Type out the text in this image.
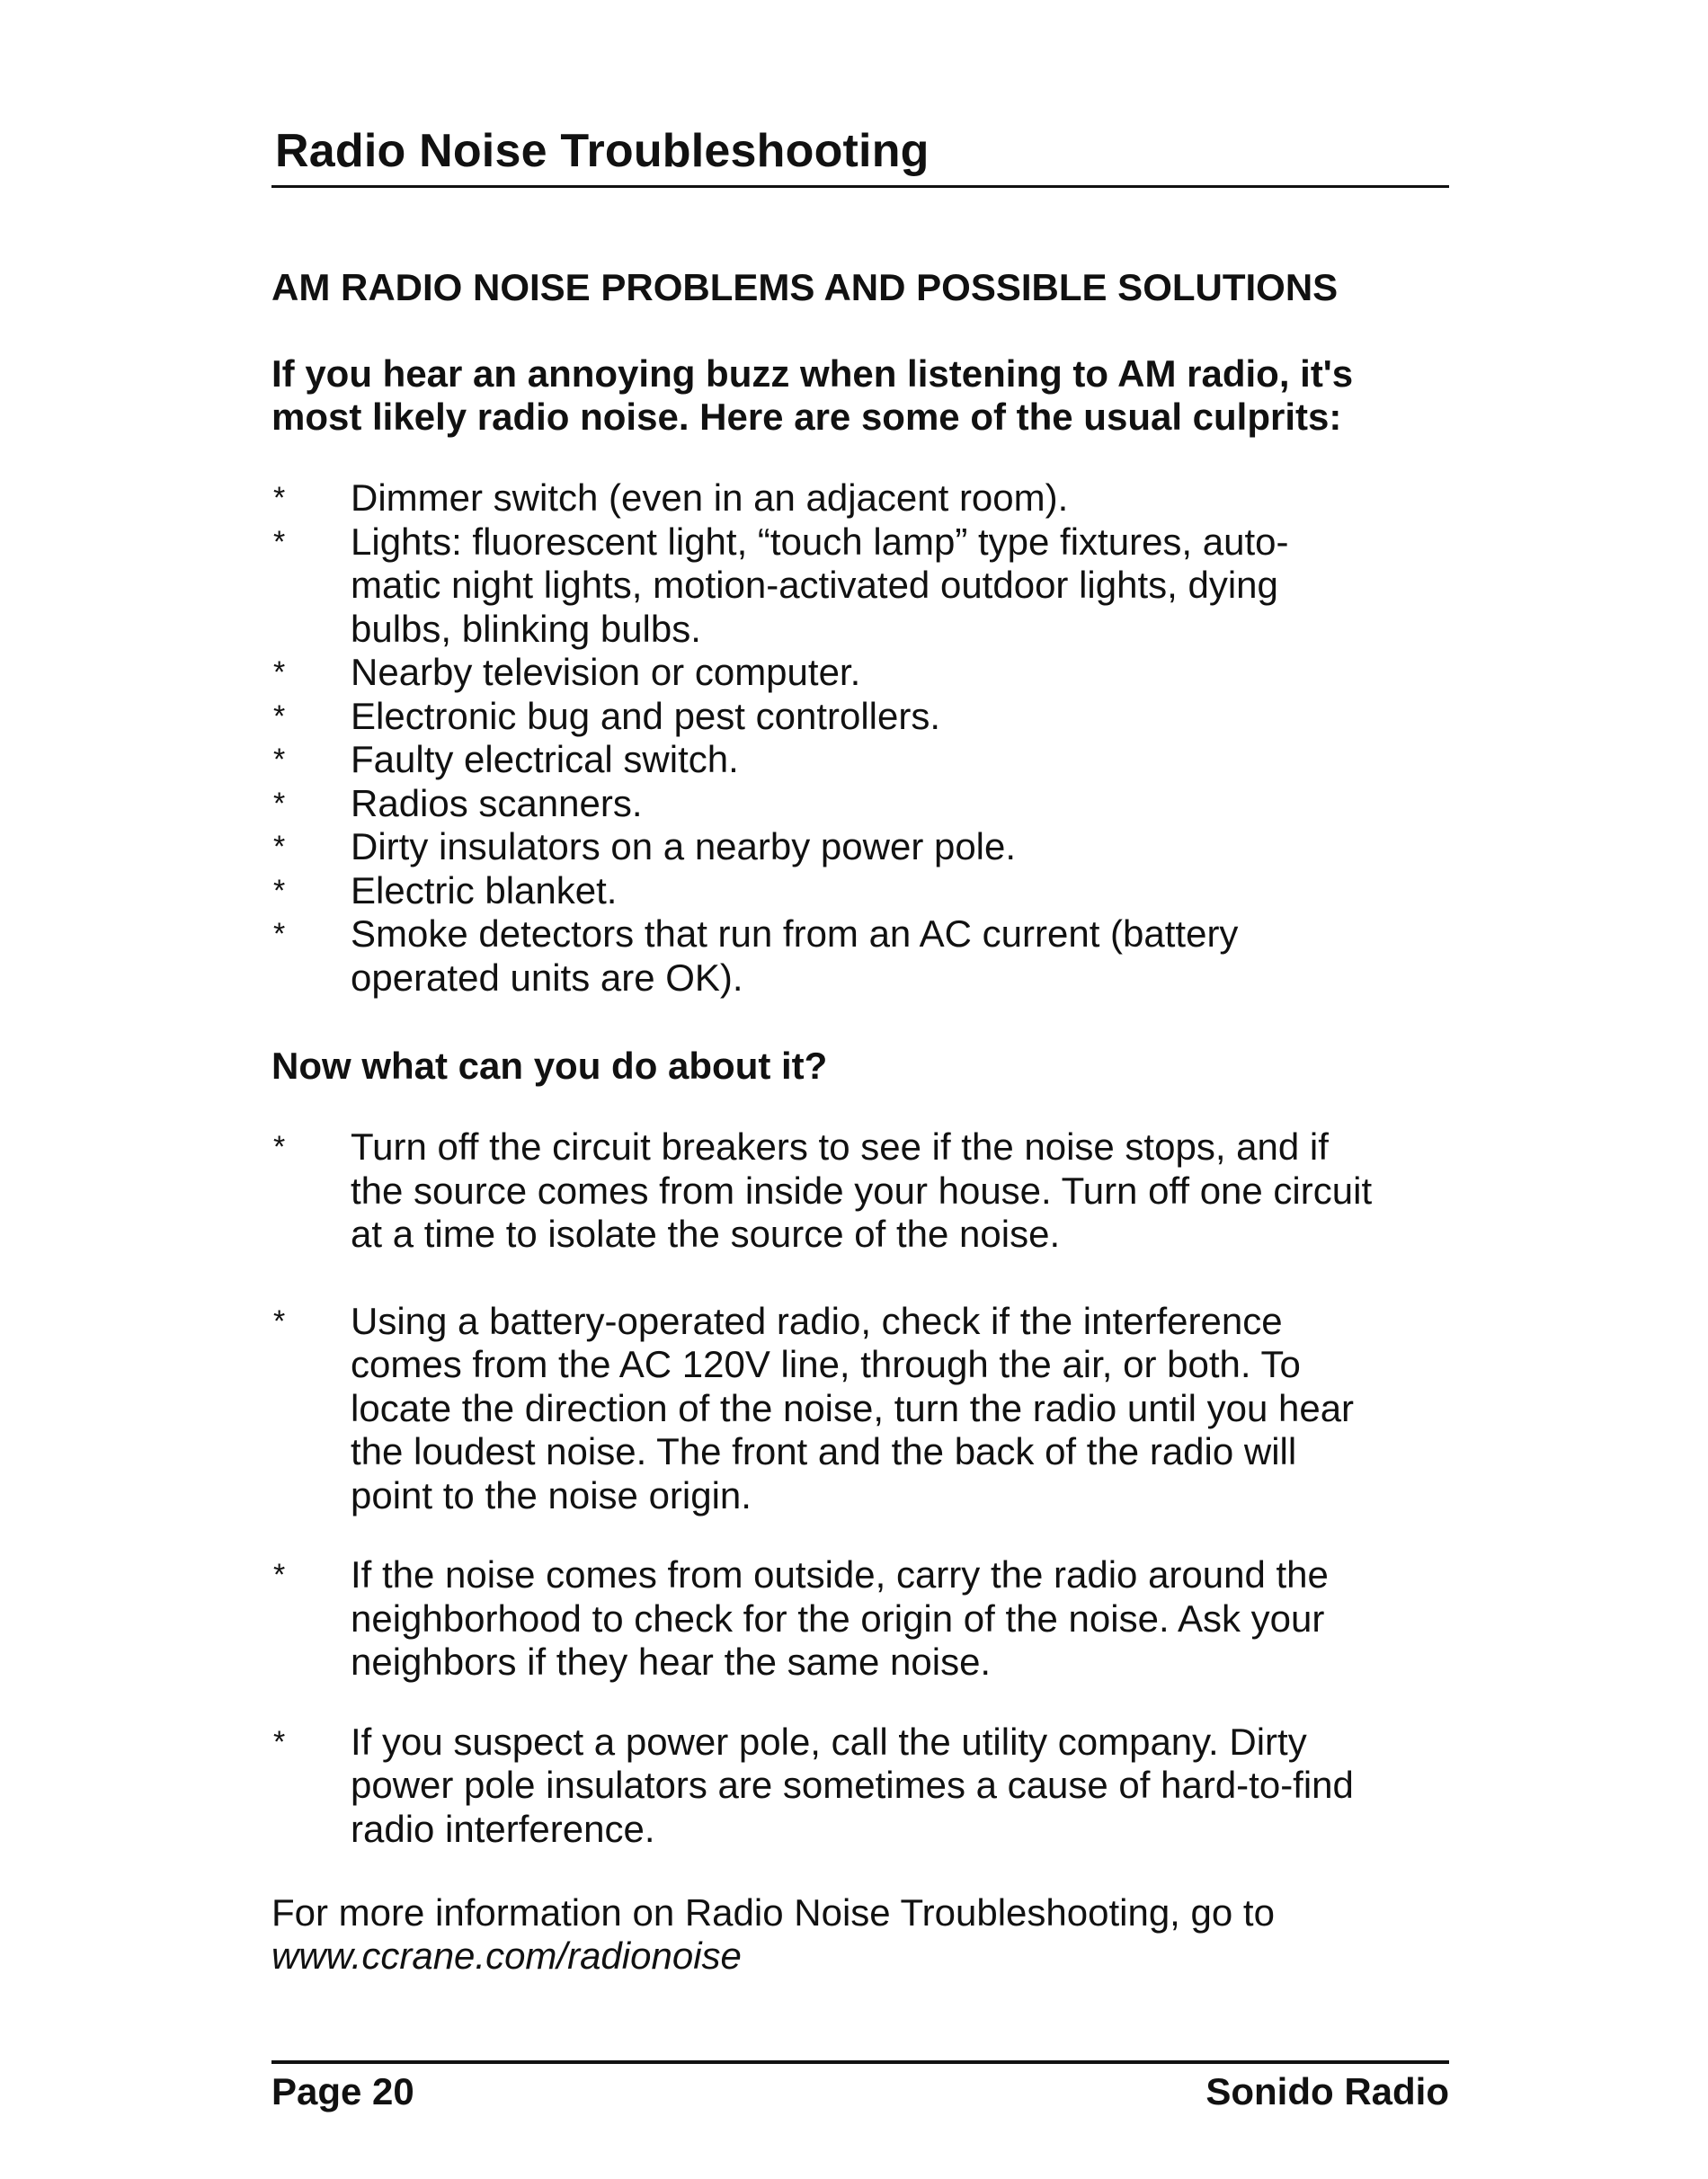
Radio Noise Troubleshooting
AM RADIO NOISE PROBLEMS AND POSSIBLE SOLUTIONS
If you hear an annoying buzz when listening to AM radio, it's
most likely radio noise. Here are some of the usual culprits:
*	Dimmer switch (even in an adjacent room).
*	Lights: fluorescent light, “touch lamp” type fixtures, auto-
matic night lights, motion-activated outdoor lights, dying
bulbs, blinking bulbs.
*	Nearby television or computer.
*	Electronic bug and pest controllers.
*	Faulty electrical switch.
*	Radios scanners.
*	Dirty insulators on a nearby power pole.
*	Electric blanket.
*	Smoke detectors that run from an AC current (battery
operated units are OK).
Now what can you do about it?
*	Turn off the circuit breakers to see if the noise stops, and if
the source comes from inside your house. Turn off one circuit
at a time to isolate the source of the noise.
*	Using a battery-operated radio, check if the interference
comes from the AC 120V line, through the air, or both. To
locate the direction of the noise, turn the radio until you hear
the loudest noise. The front and the back of the radio will
point to the noise origin.
*	If the noise comes from outside, carry the radio around the
neighborhood to check for the origin of the noise. Ask your
neighbors if they hear the same noise.
*	If you suspect a power pole, call the utility company. Dirty
power pole insulators are sometimes a cause of hard-to-find
radio interference.
For more information on Radio Noise Troubleshooting, go to
www.ccrane.com/radionoise
Page 20	Sonido Radio
